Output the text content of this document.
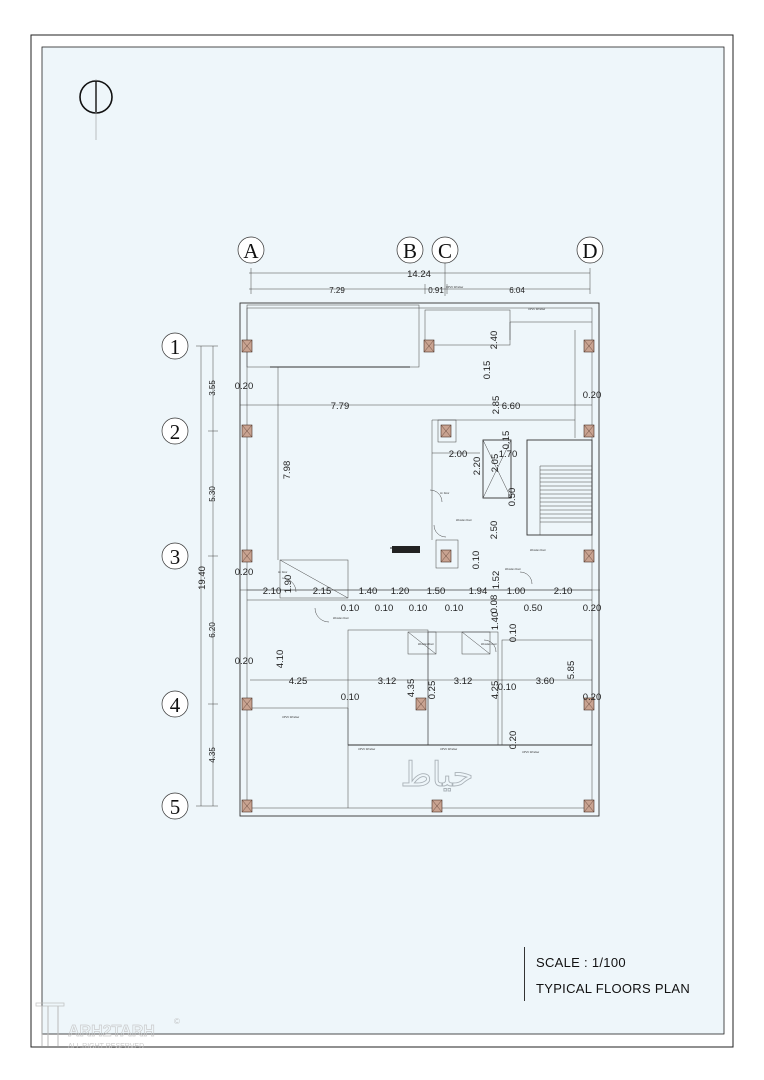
A	B C	D
1
2
3
4
5
14.24
7.29	0.91	6.04
19.40
3.55
5.30
6.20
4.35
2.40
0.15
0.20
0.20
7.79	6.60
2.85
0.15
7.98
2.00
2.20 2.05
1.70
0.50
2.50
0.10
0.20
2.10 1.90 2.15	1.40 1.20 1.50 1.94
1.52
1.00	2.10
0.10 0.10 0.10 0.10	0.08	0.50	0.20
1.40
0.20 4.10
0.10
5.85
4.25	3.12 4.35 0.25 3.12 4.25
0.10
3.60
0.20
0.10
0.20
UPVC Window
UPVC Window
UPVC Window
UPVC Window	UPVC Window
UPVC Window
Al. Door
Al. Door
Wooden Door
Wooden Door
Wooden Door
Wooden Door
Wooden Door	Wooden Door
حياط
ARH2TARH
ALL RIGHT RESERVED
©
SCALE : 1/100
TYPICAL FLOORS PLAN
